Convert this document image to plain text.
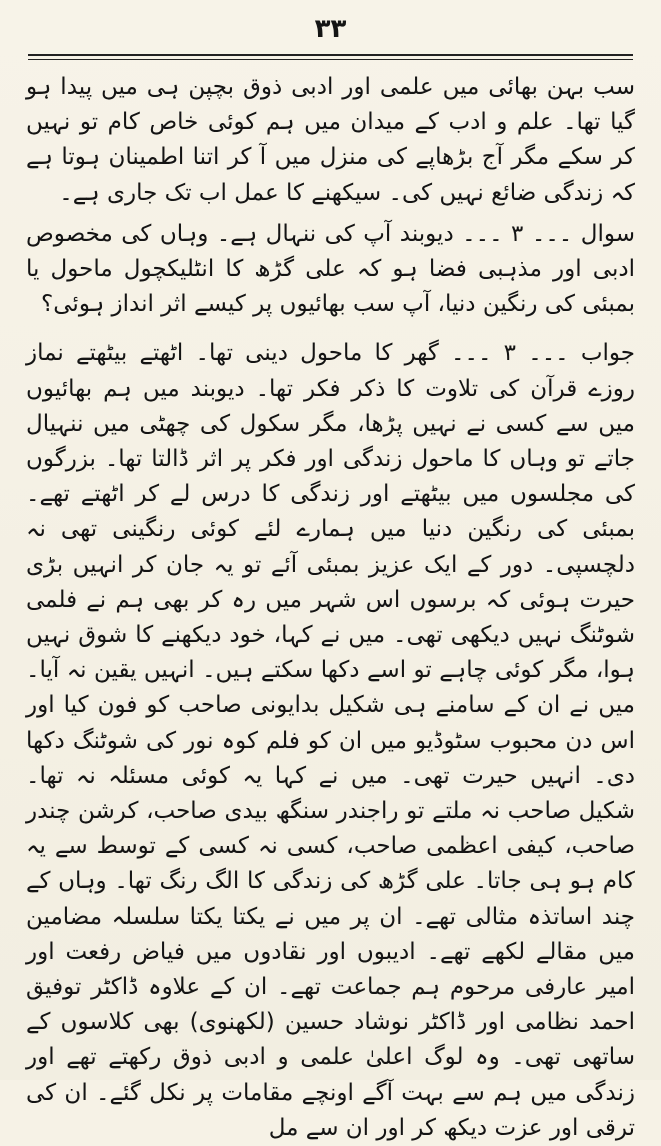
۳۳

سب بہن بھائی میں علمی اور ادبی ذوق بچپن ہی میں پیدا ہو گیا تھا۔ علم و ادب کے میدان میں ہم کوئی خاص کام تو نہیں کر سکے مگر آج بڑھاپے کی منزل میں آ کر اتنا اطمینان ہوتا ہے کہ زندگی ضائع نہیں کی۔ سیکھنے کا عمل اب تک جاری ہے۔

سوال ۔۔۔ ۳ ۔۔۔ دیوبند آپ کی ننہال ہے۔ وہاں کی مخصوص ادبی اور مذہبی فضا ہو کہ علی گڑھ کا انٹلیکچول ماحول یا بمبئی کی رنگین دنیا، آپ سب بھائیوں پر کیسے اثر انداز ہوئی؟

جواب ۔۔۔ ۳ ۔۔۔ گھر کا ماحول دینی تھا۔ اٹھتے بیٹھتے نماز روزے قرآن کی تلاوت کا ذکر فکر تھا۔ دیوبند میں ہم بھائیوں میں سے کسی نے نہیں پڑھا، مگر سکول کی چھٹی میں ننہیال جاتے تو وہاں کا ماحول زندگی اور فکر پر اثر ڈالتا تھا۔ بزرگوں کی مجلسوں میں بیٹھتے اور زندگی کا درس لے کر اٹھتے تھے۔ بمبئی کی رنگین دنیا میں ہمارے لئے کوئی رنگینی تھی نہ دلچسپی۔ دور کے ایک عزیز بمبئی آئے تو یہ جان کر انہیں بڑی حیرت ہوئی کہ برسوں اس شہر میں رہ کر بھی ہم نے فلمی شوٹنگ نہیں دیکھی تھی۔ میں نے کہا، خود دیکھنے کا شوق نہیں ہوا، مگر کوئی چاہے تو اسے دکھا سکتے ہیں۔ انہیں یقین نہ آیا۔ میں نے ان کے سامنے ہی شکیل بدایونی صاحب کو فون کیا اور اس دن محبوب سٹوڈیو میں ان کو فلم کوہ نور کی شوٹنگ دکھا دی۔ انہیں حیرت تھی۔ میں نے کہا یہ کوئی مسئلہ نہ تھا۔ شکیل صاحب نہ ملتے تو راجندر سنگھ بیدی صاحب، کرشن چندر صاحب، کیفی اعظمی صاحب، کسی نہ کسی کے توسط سے یہ کام ہو ہی جاتا۔ علی گڑھ کی زندگی کا الگ رنگ تھا۔ وہاں کے چند اساتذہ مثالی تھے۔ ان پر میں نے یکتا یکتا سلسلہ مضامین میں مقالے لکھے تھے۔ ادیبوں اور نقادوں میں فیاض رفعت اور امیر عارفی مرحوم ہم جماعت تھے۔ ان کے علاوہ ڈاکٹر توفیق احمد نظامی اور ڈاکٹر نوشاد حسین (لکھنوی) بھی کلاسوں کے ساتھی تھی۔ وہ لوگ اعلیٰ علمی و ادبی ذوق رکھتے تھے اور زندگی میں ہم سے بہت آگے اونچے مقامات پر نکل گئے۔ ان کی ترقی اور عزت دیکھ کر اور ان سے مل
